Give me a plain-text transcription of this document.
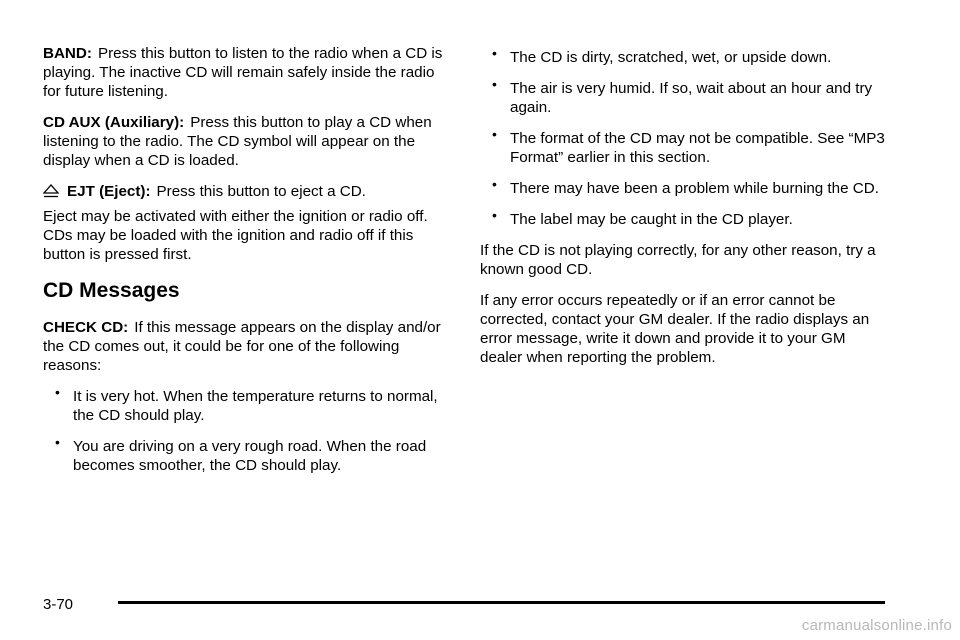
BAND: Press this button to listen to the radio when a CD is playing. The inactive CD will remain safely inside the radio for future listening.

CD AUX (Auxiliary): Press this button to play a CD when listening to the radio. The CD symbol will appear on the display when a CD is loaded.

EJT (Eject): Press this button to eject a CD.

Eject may be activated with either the ignition or radio off. CDs may be loaded with the ignition and radio off if this button is pressed first.

CD Messages

CHECK CD: If this message appears on the display and/or the CD comes out, it could be for one of the following reasons:

• It is very hot. When the temperature returns to normal, the CD should play.
• You are driving on a very rough road. When the road becomes smoother, the CD should play.
• The CD is dirty, scratched, wet, or upside down.
• The air is very humid. If so, wait about an hour and try again.
• The format of the CD may not be compatible. See “MP3 Format” earlier in this section.
• There may have been a problem while burning the CD.
• The label may be caught in the CD player.

If the CD is not playing correctly, for any other reason, try a known good CD.

If any error occurs repeatedly or if an error cannot be corrected, contact your GM dealer. If the radio displays an error message, write it down and provide it to your GM dealer when reporting the problem.

3-70
carmanualsonline.info
